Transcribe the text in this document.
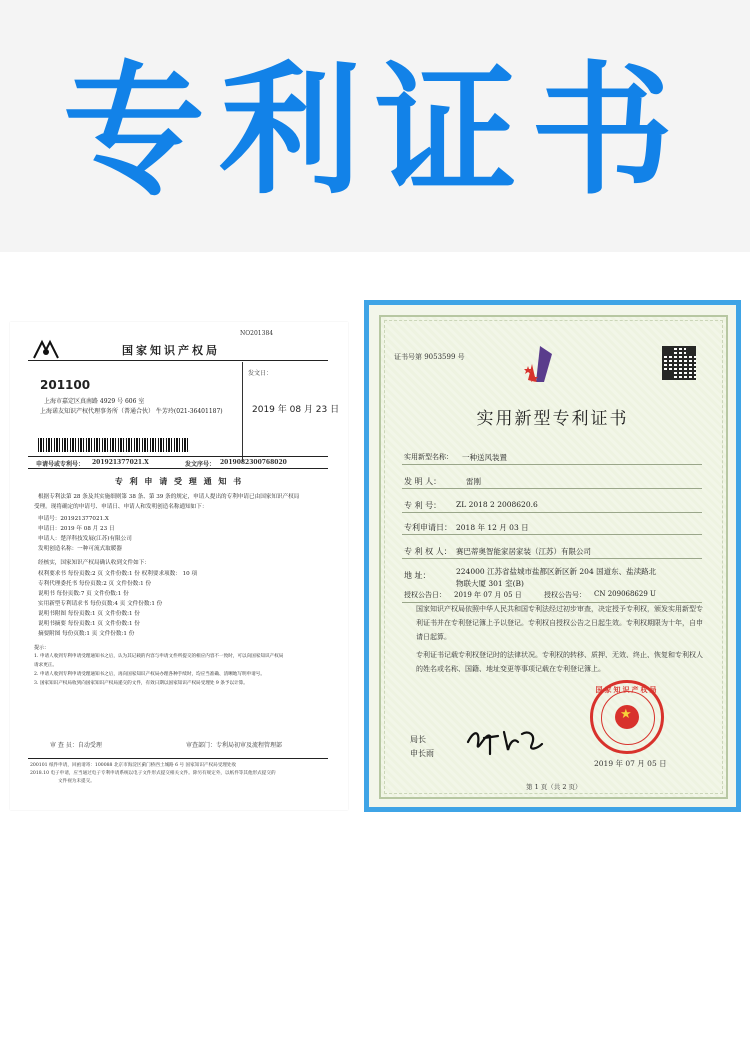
专利证书
NO201384
国家知识产权局
201100
上海市嘉定区真南路 4929 号 606 室
上海诺友知识产权代理事务所（普通合伙） 牛芳玲(021-36401187)
发文日：
2019 年 08 月 23 日
申请号或专利号： 201921377021.X	发文序号： 2019082300768020
专 利 申 请 受 理 通 知 书
根据专利法第 28 条及其实施细则第 38 条、第 39 条的规定，申请人提出的专利申请已由国家知识产权局
受理。现将确定的申请号、申请日、申请人和发明创造名称通知如下：
申请号：201921377021.X
申请日：2019 年 08 月 23 日
申请人：楚洋科技发展(江苏)有限公司
发明创造名称：一种可流式取暖器
经核实，国家知识产权局确认收到文件如下：
权利要求书 每份页数:2 页 文件份数:1 份 权利要求项数： 10 项
专利代理委托书 每份页数:2 页 文件份数:1 份
说明书 每份页数:7 页 文件份数:1 份
实用新型专利请求书 每份页数:4 页 文件份数:1 份
说明书附图 每份页数:1 页 文件份数:1 份
说明书摘要 每份页数:1 页 文件份数:1 份
摘要附图 每份页数:1 页 文件份数:1 份
提示：
1. 申请人收到专利申请受理通知书之后，认为其记载的内容与申请文件所提交的相应内容不一致时，可以向国家知识产权局
请求更正。
2. 申请人收到专利申请受理通知书之后，再向国家知识产权局办理各种手续时，均应当准确、清晰地写明申请号。
3. 国家知识产权局收到向国家知识产权局递交的文件，有效日期以国家知识产权局受理处 9 条予以计算。
审 查 员：自动受理	审查部门：专利局初审及流程管理部
200101 纸件申请，回函请寄：100088 北京市海淀区蓟门桥西土城路 6 号 国家知识产权局受理处收
2018.10 电子申请，应当通过电子专利申请系统以电子文件形式提交相关文件。除另有规定外，以纸件等其他形式提交的
文件视为未提交。
证书号第 9053599 号
实用新型专利证书
实用新型名称： 一种送风装置
发 明 人：	雷刚
专 利 号： ZL 2018 2 2008620.6
专利申请日： 2018 年 12 月 03 日
专 利 权 人： 赛巴蒂奥智能家居家装（江苏）有限公司
地 址：	224000 江苏省盐城市盐都区新区新 204 国道东、盐渎路北
物联大厦 301 室(B)
授权公告日： 2019 年 07 月 05 日	授权公告号： CN 209068629 U
国家知识产权局依照中华人民共和国专利法经过初步审查，决定授予专利权，颁发实用新型专利证书并在专利登记簿上予以登记。专利权自授权公告之日起生效。专利权期限为十年，自申请日起算。
专利证书记载专利权登记时的法律状况。专利权的转移、质押、无效、终止、恢复和专利权人的姓名或名称、国籍、地址变更等事项记载在专利登记簿上。
局长
申长雨
国家知识产权局
★
2019 年 07 月 05 日
第 1 页（共 2 页）
